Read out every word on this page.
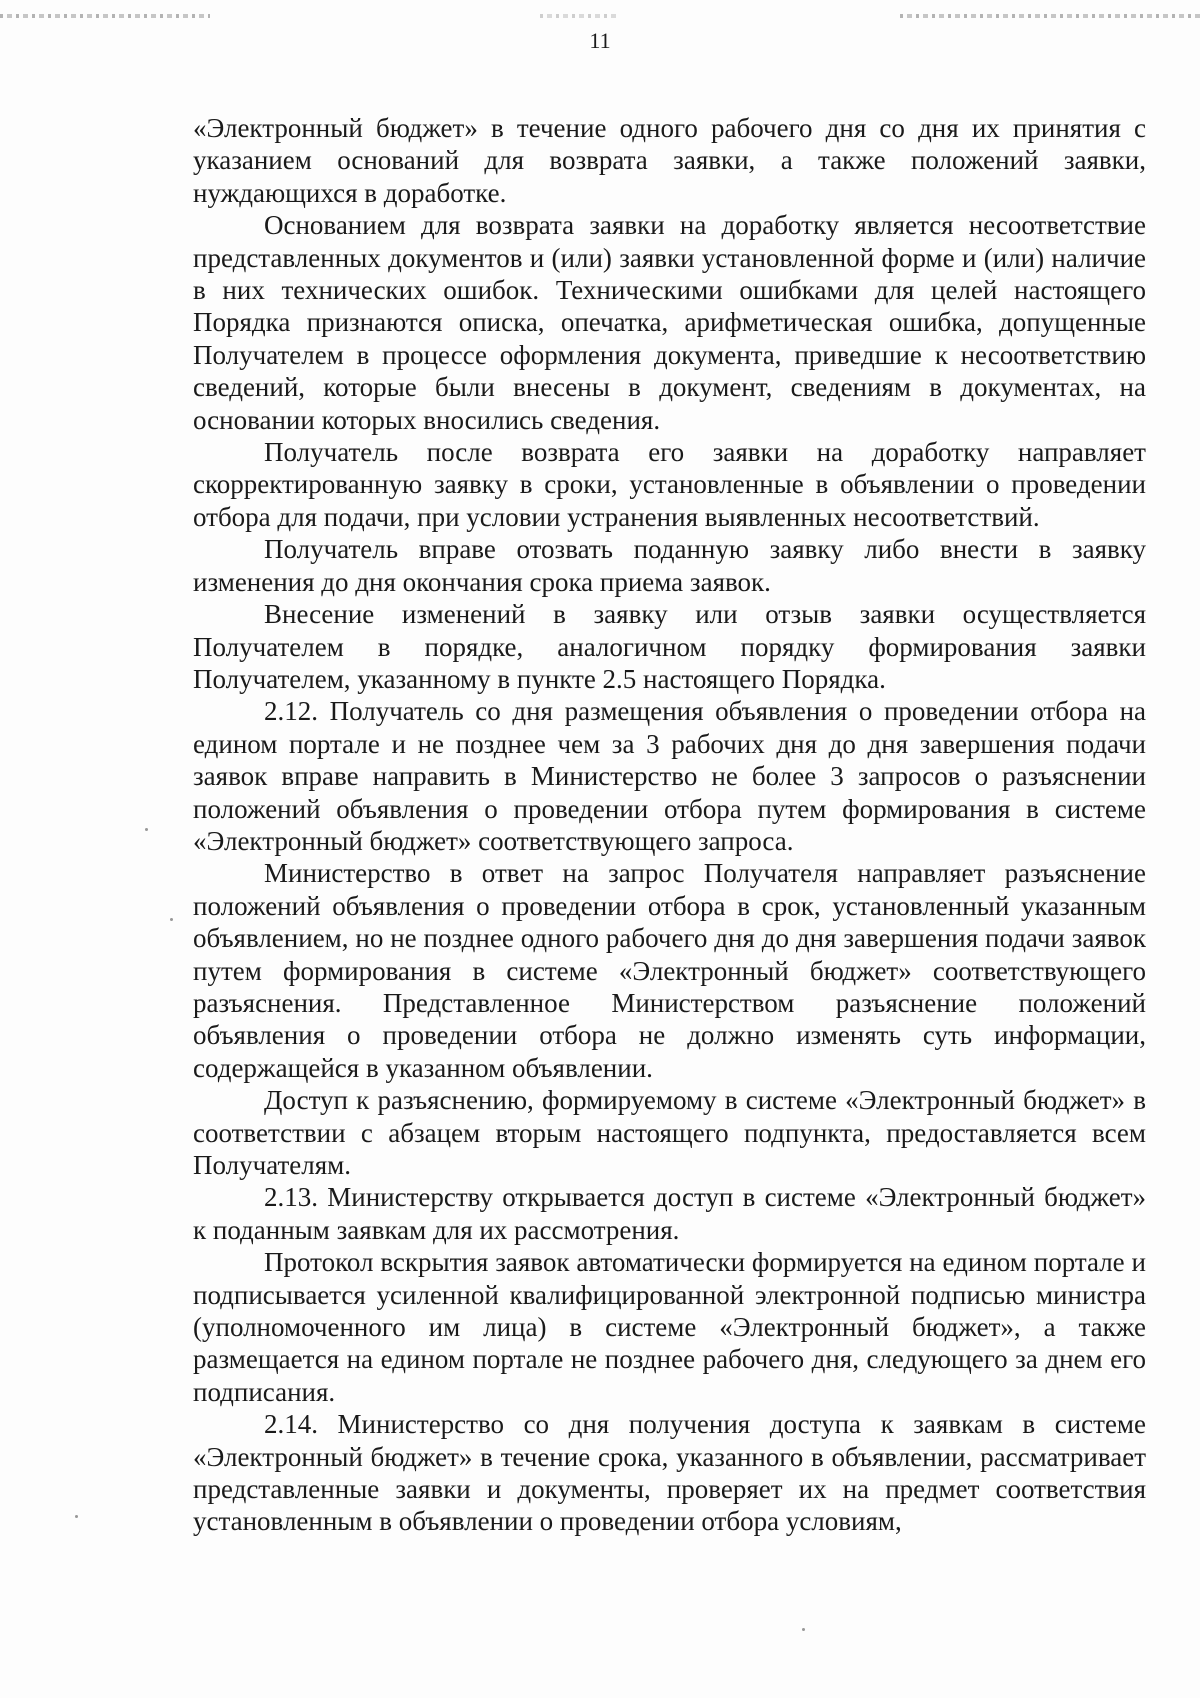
11

«Электронный бюджет» в течение одного рабочего дня со дня их принятия с указанием оснований для возврата заявки, а также положений заявки, нуждающихся в доработке.

Основанием для возврата заявки на доработку является несоответствие представленных документов и (или) заявки установленной форме и (или) наличие в них технических ошибок. Техническими ошибками для целей настоящего Порядка признаются описка, опечатка, арифметическая ошибка, допущенные Получателем в процессе оформления документа, приведшие к несоответствию сведений, которые были внесены в документ, сведениям в документах, на основании которых вносились сведения.

Получатель после возврата его заявки на доработку направляет скорректированную заявку в сроки, установленные в объявлении о проведении отбора для подачи, при условии устранения выявленных несоответствий.

Получатель вправе отозвать поданную заявку либо внести в заявку изменения до дня окончания срока приема заявок.

Внесение изменений в заявку или отзыв заявки осуществляется Получателем в порядке, аналогичном порядку формирования заявки Получателем, указанному в пункте 2.5 настоящего Порядка.

2.12. Получатель со дня размещения объявления о проведении отбора на едином портале и не позднее чем за 3 рабочих дня до дня завершения подачи заявок вправе направить в Министерство не более 3 запросов о разъяснении положений объявления о проведении отбора путем формирования в системе «Электронный бюджет» соответствующего запроса.

Министерство в ответ на запрос Получателя направляет разъяснение положений объявления о проведении отбора в срок, установленный указанным объявлением, но не позднее одного рабочего дня до дня завершения подачи заявок путем формирования в системе «Электронный бюджет» соответствующего разъяснения. Представленное Министерством разъяснение положений объявления о проведении отбора не должно изменять суть информации, содержащейся в указанном объявлении.

Доступ к разъяснению, формируемому в системе «Электронный бюджет» в соответствии с абзацем вторым настоящего подпункта, предоставляется всем Получателям.

2.13. Министерству открывается доступ в системе «Электронный бюджет» к поданным заявкам для их рассмотрения.

Протокол вскрытия заявок автоматически формируется на едином портале и подписывается усиленной квалифицированной электронной подписью министра (уполномоченного им лица) в системе «Электронный бюджет», а также размещается на едином портале не позднее рабочего дня, следующего за днем его подписания.

2.14. Министерство со дня получения доступа к заявкам в системе «Электронный бюджет» в течение срока, указанного в объявлении, рассматривает представленные заявки и документы, проверяет их на предмет соответствия установленным в объявлении о проведении отбора условиям,
